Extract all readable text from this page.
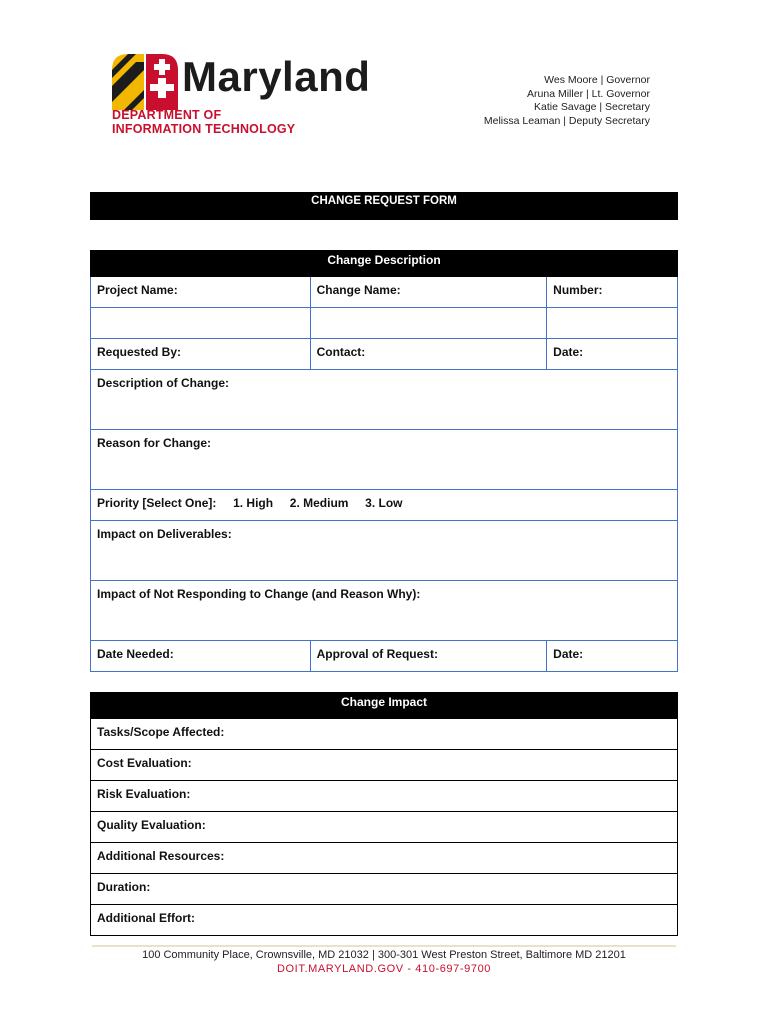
Maryland
DEPARTMENT OF
INFORMATION TECHNOLOGY
Wes Moore | Governor
Aruna Miller | Lt. Governor
Katie Savage | Secretary
Melissa Leaman | Deputy Secretary
CHANGE REQUEST FORM
Change Description		
Project Name:	Change Name:	Number:

Requested By:	Contact:	Date:
Description of Change:		
Reason for Change:		
Priority [Select One]: 1. High 2. Medium 3. Low		
Impact on Deliverables:		
Impact of Not Responding to Change (and Reason Why):		
Date Needed:	Approval of Request:	Date:
Change Impact
Tasks/Scope Affected:
Cost Evaluation:
Risk Evaluation:
Quality Evaluation:
Additional Resources:
Duration:
Additional Effort:
100 Community Place, Crownsville, MD 21032 | 300-301 West Preston Street, Baltimore MD 21201
DOIT.MARYLAND.GOV - 410-697-9700
